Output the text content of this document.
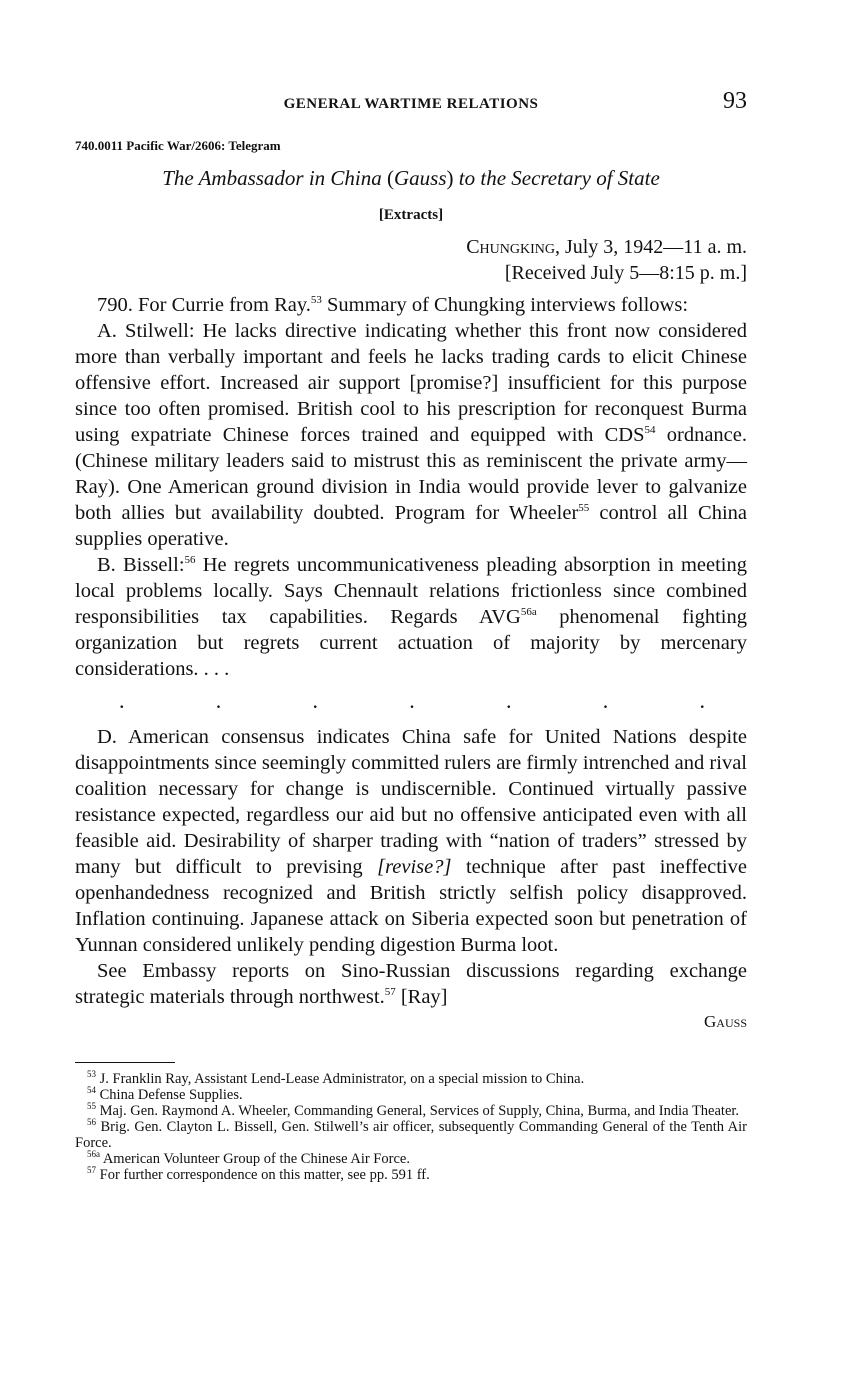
GENERAL WARTIME RELATIONS	93
740.0011 Pacific War/2606: Telegram
The Ambassador in China (Gauss) to the Secretary of State
[Extracts]
Chungking, July 3, 1942—11 a. m.
[Received July 5—8:15 p. m.]

790. For Currie from Ray.$^{53}$ Summary of Chungking interviews follows:

A. Stilwell: He lacks directive indicating whether this front now considered more than verbally important and feels he lacks trading cards to elicit Chinese offensive effort. Increased air support [promise?] insufficient for this purpose since too often promised. British cool to his prescription for reconquest Burma using expatriate Chinese forces trained and equipped with CDS$^{54}$ ordnance. (Chinese military leaders said to mistrust this as reminiscent the private army—Ray). One American ground division in India would provide lever to galvanize both allies but availability doubted. Program for Wheeler$^{55}$ control all China supplies operative.

B. Bissell:$^{56}$ He regrets uncommunicativeness pleading absorption in meeting local problems locally. Says Chennault relations frictionless since combined responsibilities tax capabilities. Regards $AVG^{56a}$ phenomenal fighting organization but regrets current actuation of majority by mercenary considerations. . . .

.	.	.	.	.	.	.

D. American consensus indicates China safe for United Nations despite disappointments since seemingly committed rulers are firmly intrenched and rival coalition necessary for change is undiscernible. Continued virtually passive resistance expected, regardless our aid but no offensive anticipated even with all feasible aid. Desirability of sharper trading with “nation of traders” stressed by many but difficult to prevising [revise?] technique after past ineffective openhandedness recognized and British strictly selfish policy disapproved. Inflation continuing. Japanese attack on Siberia expected soon but penetration of Yunnan considered unlikely pending digestion Burma loot.

See Embassy reports on Sino-Russian discussions regarding exchange strategic materials through northwest.$^{57}$ [Ray]

Gauss

$^{53}$ J. Franklin Ray, Assistant Lend-Lease Administrator, on a special mission to China.

$^{54}$ China Defense Supplies.

$^{55}$ Maj. Gen. Raymond A. Wheeler, Commanding General, Services of Supply, China, Burma, and India Theater.

$^{56}$ Brig. Gen. Clayton L. Bissell, Gen. Stilwell’s air officer, subsequently Commanding General of the Tenth Air Force.

$^{56a}$ American Volunteer Group of the Chinese Air Force.

$^{57}$ For further correspondence on this matter, see pp. 591 ff.
